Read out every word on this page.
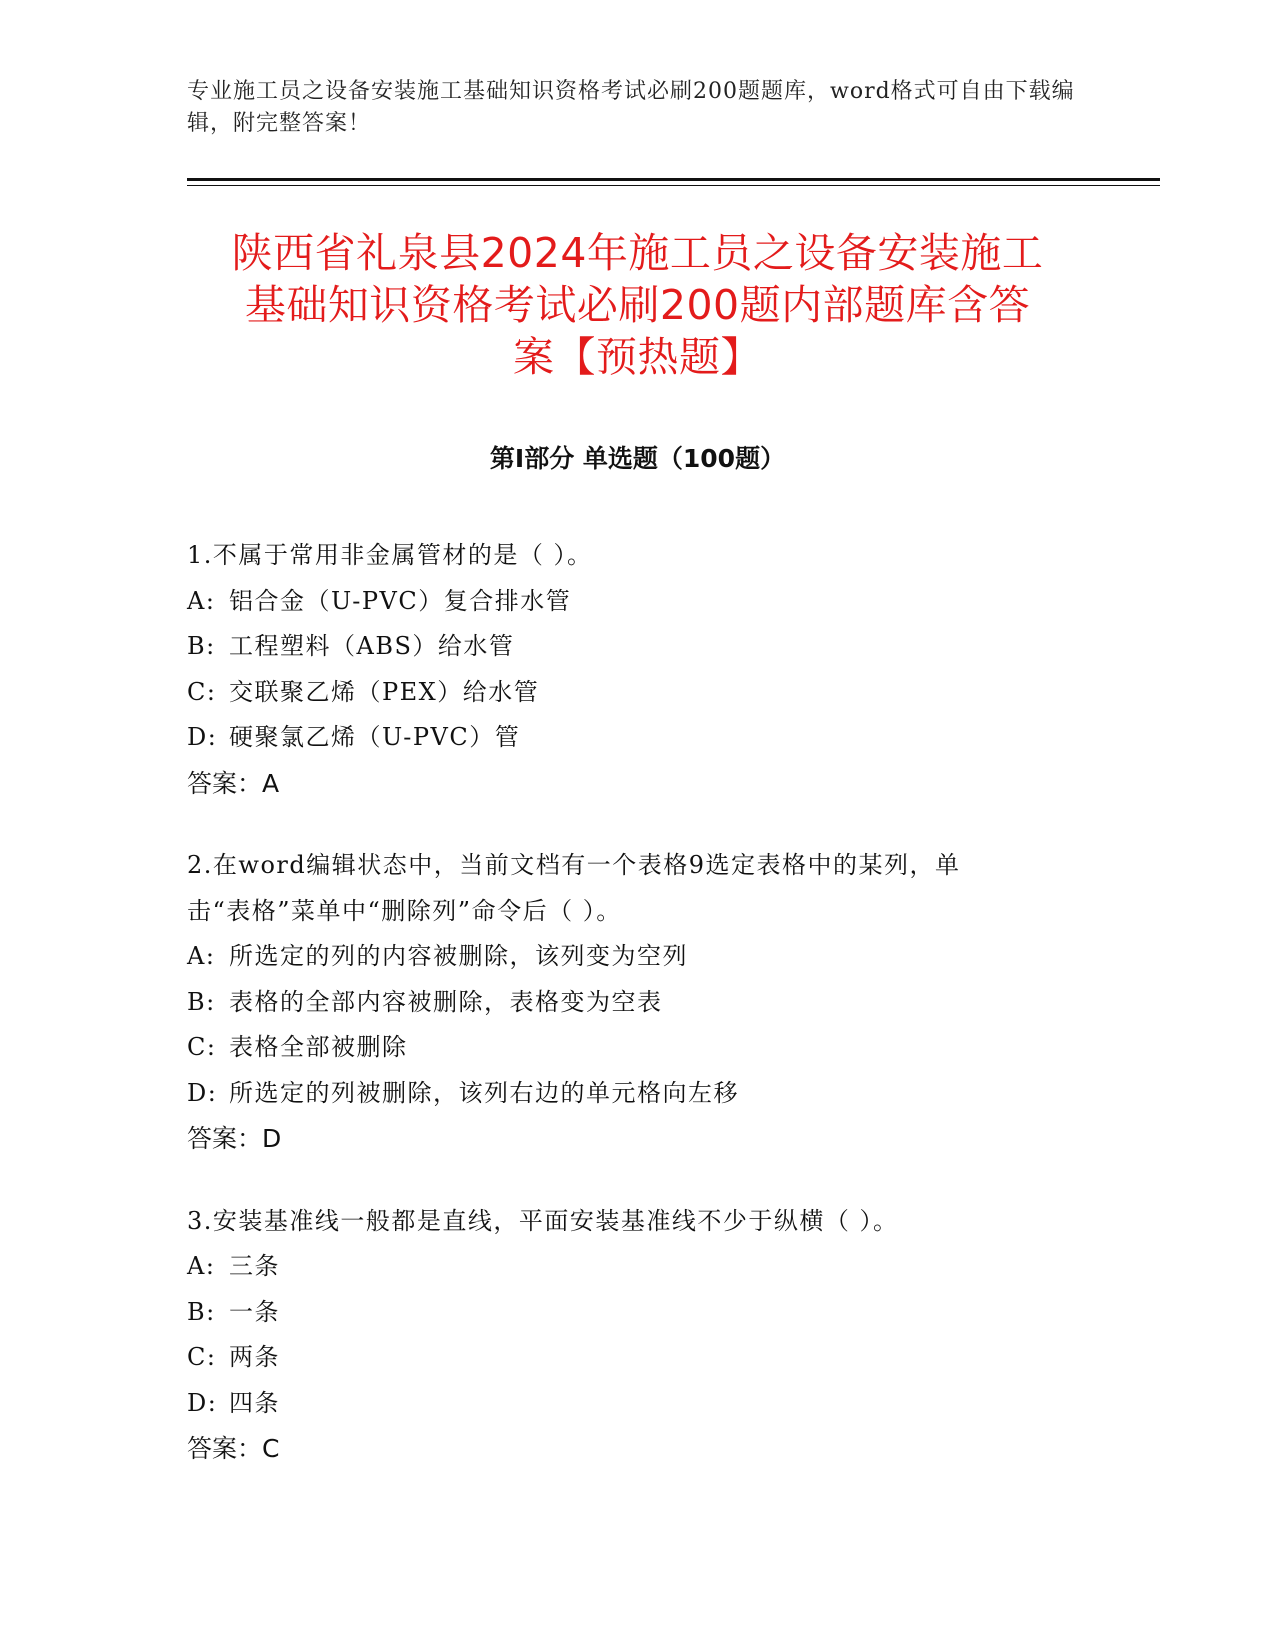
专业施工员之设备安装施工基础知识资格考试必刷200题题库，word格式可自由下载编辑，附完整答案！
陕西省礼泉县2024年施工员之设备安装施工
基础知识资格考试必刷200题内部题库含答
案【预热题】
第Ⅰ部分 单选题（100题）
1.不属于常用非金属管材的是（ ）。
A: 铝合金（U-PVC）复合排水管
B: 工程塑料（ABS）给水管
C: 交联聚乙烯（PEX）给水管
D: 硬聚氯乙烯（U-PVC）管
答案：A
2.在word编辑状态中，当前文档有一个表格9选定表格中的某列，单
击“表格”菜单中“删除列”命令后（ ）。
A: 所选定的列的内容被删除，该列变为空列
B: 表格的全部内容被删除，表格变为空表
C: 表格全部被删除
D: 所选定的列被删除，该列右边的单元格向左移
答案：D
3.安装基准线一般都是直线，平面安装基准线不少于纵横（ ）。
A: 三条
B: 一条
C: 两条
D: 四条
答案：C
